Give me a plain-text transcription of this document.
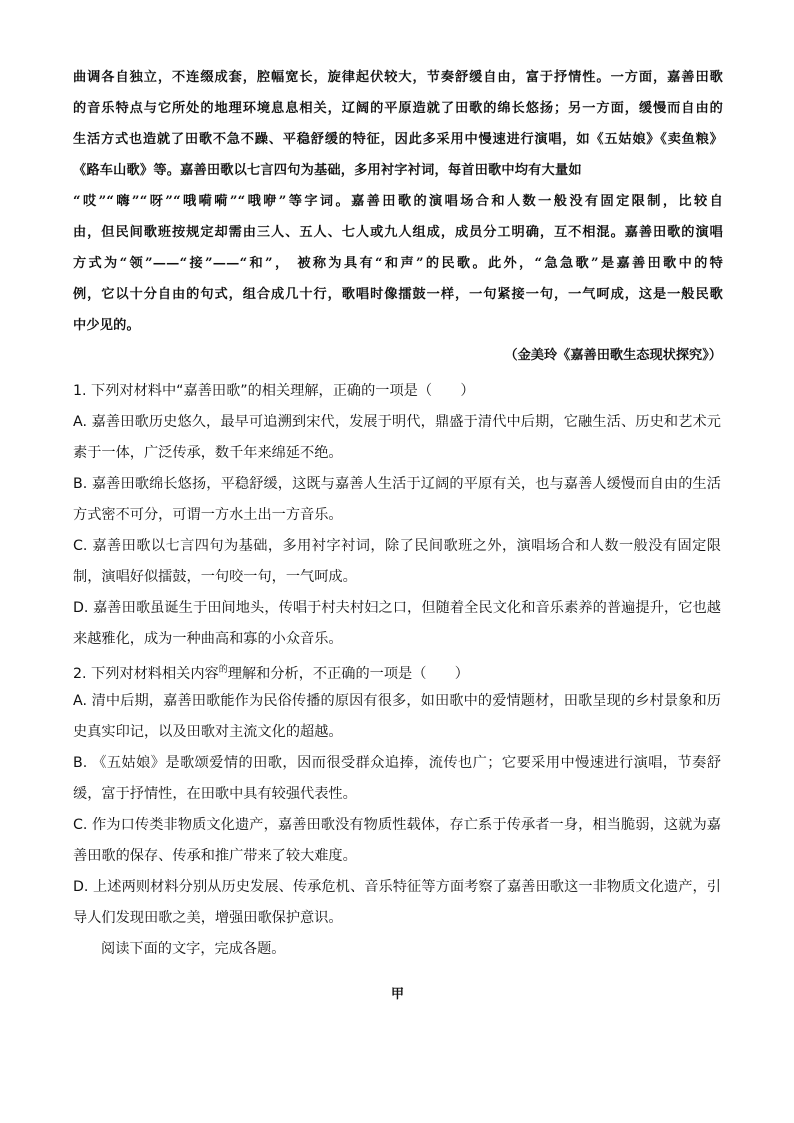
曲调各自独立，不连缀成套，腔幅宽长，旋律起伏较大，节奏舒缓自由，富于抒情性。一方面，嘉善田歌
的音乐特点与它所处的地理环境息息相关，辽阔的平原造就了田歌的绵长悠扬；另一方面，缓慢而自由的
生活方式也造就了田歌不急不躁、平稳舒缓的特征，因此多采用中慢速进行演唱，如《五姑娘》《卖鱼粮》
《路车山歌》等。嘉善田歌以七言四句为基础，多用衬字衬词，每首田歌中均有大量如
“哎”“嗨”“呀”“哦嗬嗬”“哦咿”等字词。嘉善田歌的演唱场合和人数一般没有固定限制，比较自
由，但民间歌班按规定却需由三人、五人、七人或九人组成，成员分工明确，互不相混。嘉善田歌的演唱
方式为“领”——“接”——“和”， 被称为具有“和声”的民歌。此外，“急急歌”是嘉善田歌中的特
例，它以十分自由的句式，组合成几十行，歌唱时像擂鼓一样，一句紧接一句，一气呵成，这是一般民歌
中少见的。
（金美玲《嘉善田歌生态现状探究》）
1. 下列对材料中“嘉善田歌”的相关理解，正确的一项是（　　）
A. 嘉善田歌历史悠久，最早可追溯到宋代，发展于明代，鼎盛于清代中后期，它融生活、历史和艺术元
素于一体，广泛传承，数千年来绵延不绝。
B. 嘉善田歌绵长悠扬，平稳舒缓，这既与嘉善人生活于辽阔的平原有关，也与嘉善人缓慢而自由的生活
方式密不可分，可谓一方水土出一方音乐。
C. 嘉善田歌以七言四句为基础，多用衬字衬词，除了民间歌班之外，演唱场合和人数一般没有固定限
制，演唱好似擂鼓，一句咬一句，一气呵成。
D. 嘉善田歌虽诞生于田间地头，传唱于村夫村妇之口，但随着全民文化和音乐素养的普遍提升，它也越
来越雅化，成为一种曲高和寡的小众音乐。
2. 下列对材料相关内容$^的$理解和分析，不正确的一项是（　　）
A. 清中后期，嘉善田歌能作为民俗传播的原因有很多，如田歌中的爱情题材，田歌呈现的乡村景象和历
史真实印记，以及田歌对主流文化的超越。
B. 《五姑娘》是歌颂爱情的田歌，因而很受群众追捧，流传也广；它要采用中慢速进行演唱，节奏舒
缓，富于抒情性，在田歌中具有较强代表性。
C. 作为口传类非物质文化遗产，嘉善田歌没有物质性载体，存亡系于传承者一身，相当脆弱，这就为嘉
善田歌的保存、传承和推广带来了较大难度。
D. 上述两则材料分别从历史发展、传承危机、音乐特征等方面考察了嘉善田歌这一非物质文化遗产，引
导人们发现田歌之美，增强田歌保护意识。
阅读下面的文字，完成各题。
甲
